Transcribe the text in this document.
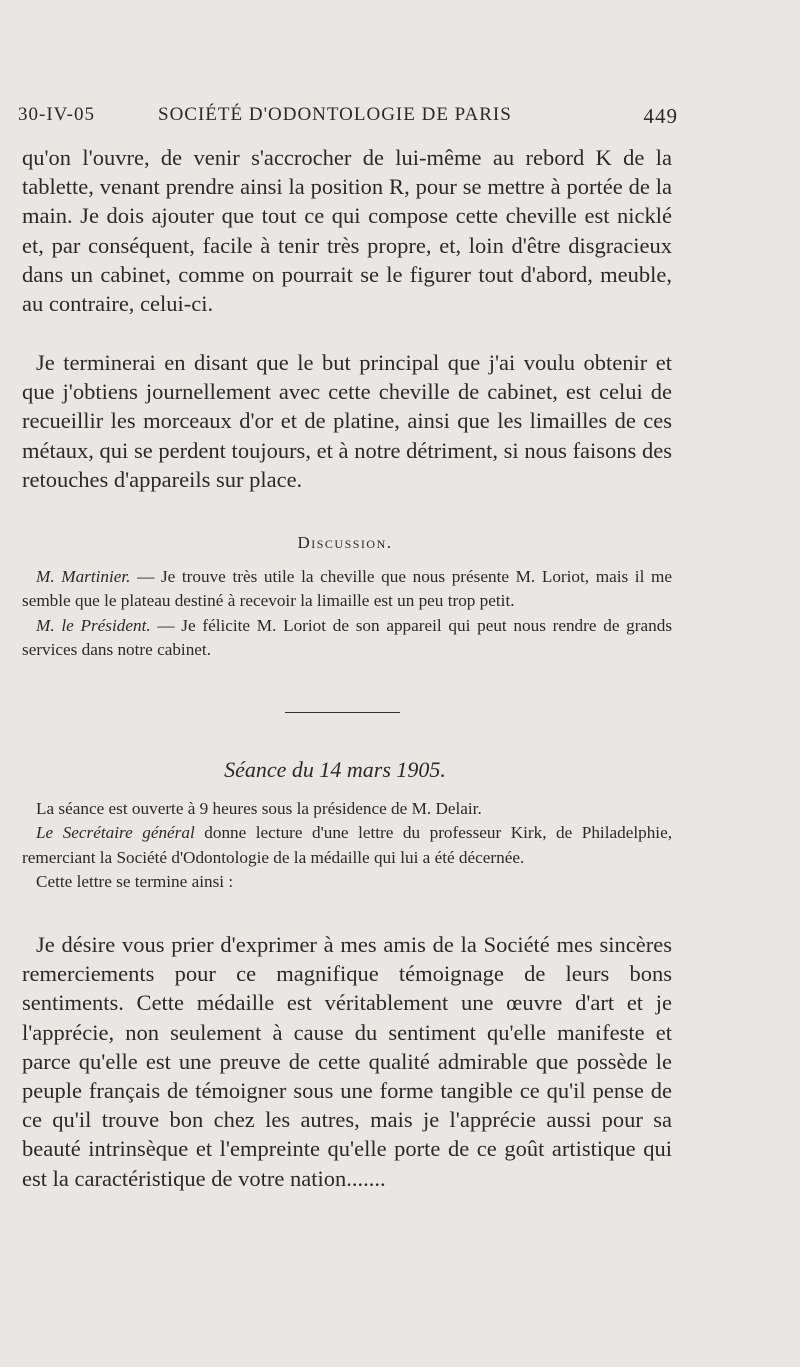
30-IV-05	SOCIÉTÉ D'ODONTOLOGIE DE PARIS	449

qu'on l'ouvre, de venir s'accrocher de lui-même au rebord K de la tablette, venant prendre ainsi la position R, pour se mettre à portée de la main. Je dois ajouter que tout ce qui compose cette cheville est nicklé et, par conséquent, facile à tenir très propre, et, loin d'être disgracieux dans un cabinet, comme on pourrait se le figurer tout d'abord, meuble, au contraire, celui-ci.

Je terminerai en disant que le but principal que j'ai voulu obtenir et que j'obtiens journellement avec cette cheville de cabinet, est celui de recueillir les morceaux d'or et de platine, ainsi que les limailles de ces métaux, qui se perdent toujours, et à notre détriment, si nous faisons des retouches d'appareils sur place.

Discussion.

M. Martinier. — Je trouve très utile la cheville que nous présente M. Loriot, mais il me semble que le plateau destiné à recevoir la limaille est un peu trop petit.

M. le Président. — Je félicite M. Loriot de son appareil qui peut nous rendre de grands services dans notre cabinet.

Séance du 14 mars 1905.

La séance est ouverte à 9 heures sous la présidence de M. Delair.

Le Secrétaire général donne lecture d'une lettre du professeur Kirk, de Philadelphie, remerciant la Société d'Odontologie de la médaille qui lui a été décernée.

Cette lettre se termine ainsi :

Je désire vous prier d'exprimer à mes amis de la Société mes sincères remerciements pour ce magnifique témoignage de leurs bons sentiments. Cette médaille est véritablement une œuvre d'art et je l'apprécie, non seulement à cause du sentiment qu'elle manifeste et parce qu'elle est une preuve de cette qualité admirable que possède le peuple français de témoigner sous une forme tangible ce qu'il pense de ce qu'il trouve bon chez les autres, mais je l'apprécie aussi pour sa beauté intrinsèque et l'empreinte qu'elle porte de ce goût artistique qui est la caractéristique de votre nation.......
